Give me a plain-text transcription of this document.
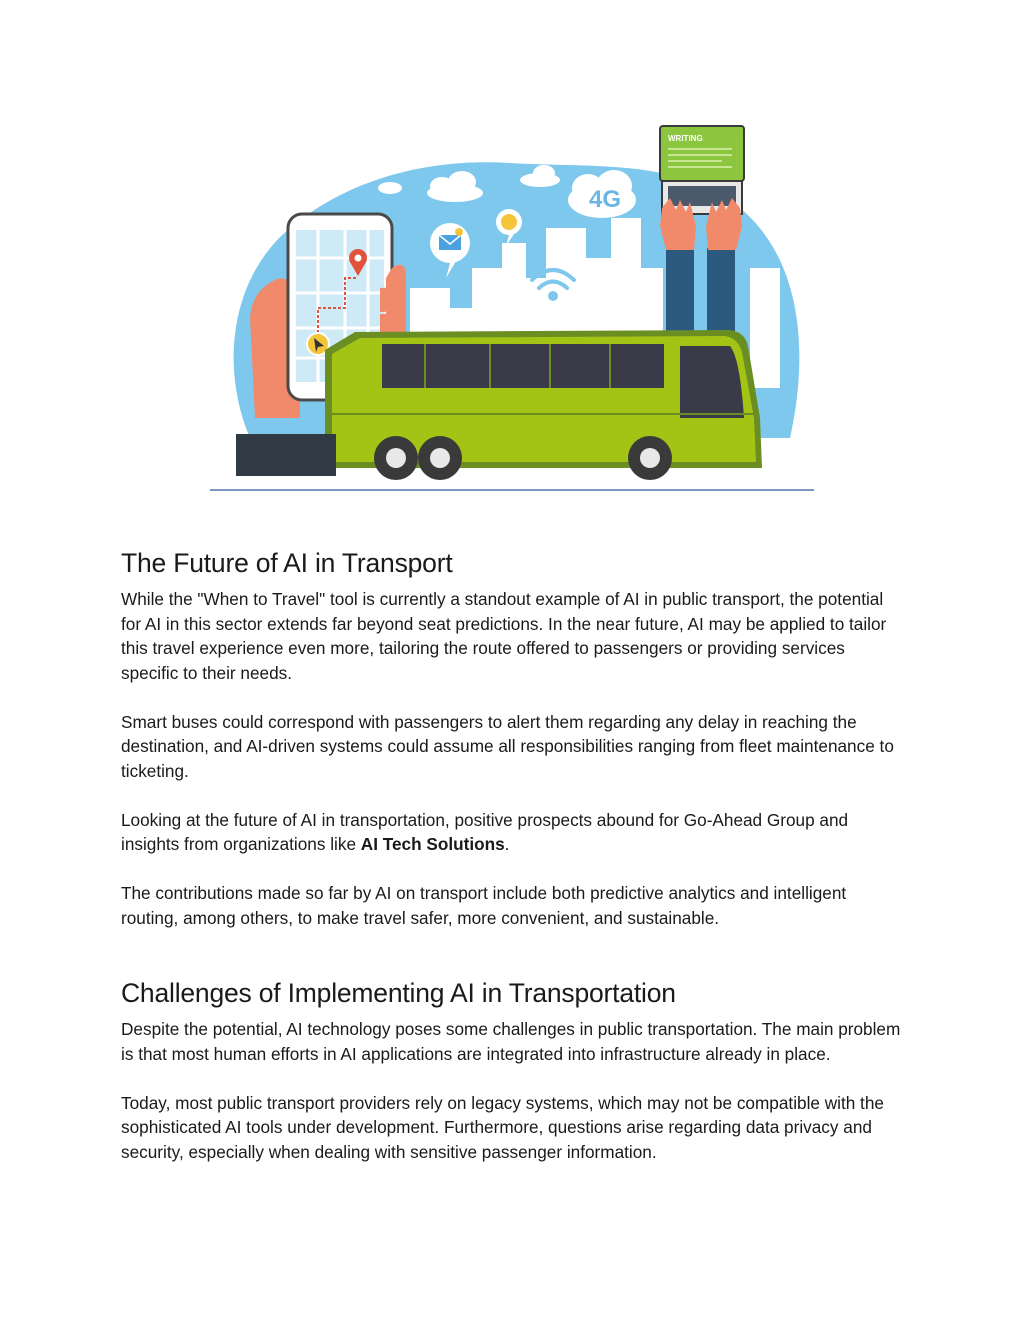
4G
WRITING
The Future of AI in Transport

While the "When to Travel" tool is currently a standout example of AI in public transport, the potential for AI in this sector extends far beyond seat predictions. In the near future, AI may be applied to tailor this travel experience even more, tailoring the route offered to passengers or providing services specific to their needs.

Smart buses could correspond with passengers to alert them regarding any delay in reaching the destination, and AI-driven systems could assume all responsibilities ranging from fleet maintenance to ticketing.

Looking at the future of AI in transportation, positive prospects abound for Go-Ahead Group and insights from organizations like AI Tech Solutions.

The contributions made so far by AI on transport include both predictive analytics and intelligent routing, among others, to make travel safer, more convenient, and sustainable.

Challenges of Implementing AI in Transportation

Despite the potential, AI technology poses some challenges in public transportation. The main problem is that most human efforts in AI applications are integrated into infrastructure already in place.

Today, most public transport providers rely on legacy systems, which may not be compatible with the sophisticated AI tools under development. Furthermore, questions arise regarding data privacy and security, especially when dealing with sensitive passenger information.
